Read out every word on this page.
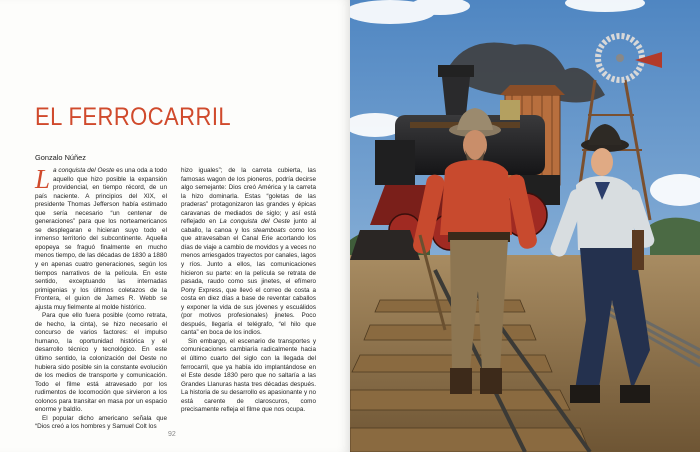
EL FERROCARRIL
Gonzalo Núñez

La conquista del Oeste es una oda a todo aquello que hizo posible la expansión providencial, en tiempo récord, de un país naciente. A principios del XIX, el presidente Thomas Jefferson había estimado que sería necesario “un centenar de generaciones” para que los norteamericanos se desplegaran e hicieran suyo todo el inmenso territorio del subcontinente. Aquella epopeya se fraguó finalmente en mucho menos tiempo, de las décadas de 1830 a 1880 y en apenas cuatro generaciones, según los tiempos narrativos de la película. En este sentido, exceptuando las internadas primigenias y los últimos coletazos de la Frontera, el guion de James R. Webb se ajusta muy fielmente al molde histórico.

Para que ello fuera posible (como retrata, de hecho, la cinta), se hizo necesario el concurso de varios factores: el impulso humano, la oportunidad histórica y el desarrollo técnico y tecnológico. En este último sentido, la colonización del Oeste no hubiera sido posible sin la constante evolución de los medios de transporte y comunicación. Todo el filme está atravesado por los rudimentos de locomoción que sirvieron a los colonos para transitar en masa por un espacio enorme y baldío.

El popular dicho americano señala que “Dios creó a los hombres y Samuel Colt los

hizo iguales”; de la carreta cubierta, las famosas wagon de los pioneros, podría decirse algo semejante: Dios creó América y la carreta la hizo dominarla. Estas “goletas de las praderas” protagonizaron las grandes y épicas caravanas de mediados de siglo; y así está reflejado en La conquista del Oeste junto al caballo, la canoa y los steamboats como los que atravesaban el Canal Erie acortando los días de viaje a cambio de movidos y a veces no menos arriesgados trayectos por canales, lagos y ríos. Junto a ellos, las comunicaciones hicieron su parte: en la película se retrata de pasada, raudo como sus jinetes, el efímero Pony Express, que llevó el correo de costa a costa en diez días a base de reventar caballos y exponer la vida de sus jóvenes y escuálidos (por motivos profesionales) jinetes. Poco después, llegaría el telégrafo, “el hilo que canta” en boca de los indios.

Sin embargo, el escenario de transportes y comunicaciones cambiaría radicalmente hacia el último cuarto del siglo con la llegada del ferrocarril, que ya había ido implantándose en el Este desde 1830 pero que no saltaría a las Grandes Llanuras hasta tres décadas después. La historia de su desarrollo es apasionante y no está carente de claroscuros, como precisamente refleja el filme que nos ocupa.

92
